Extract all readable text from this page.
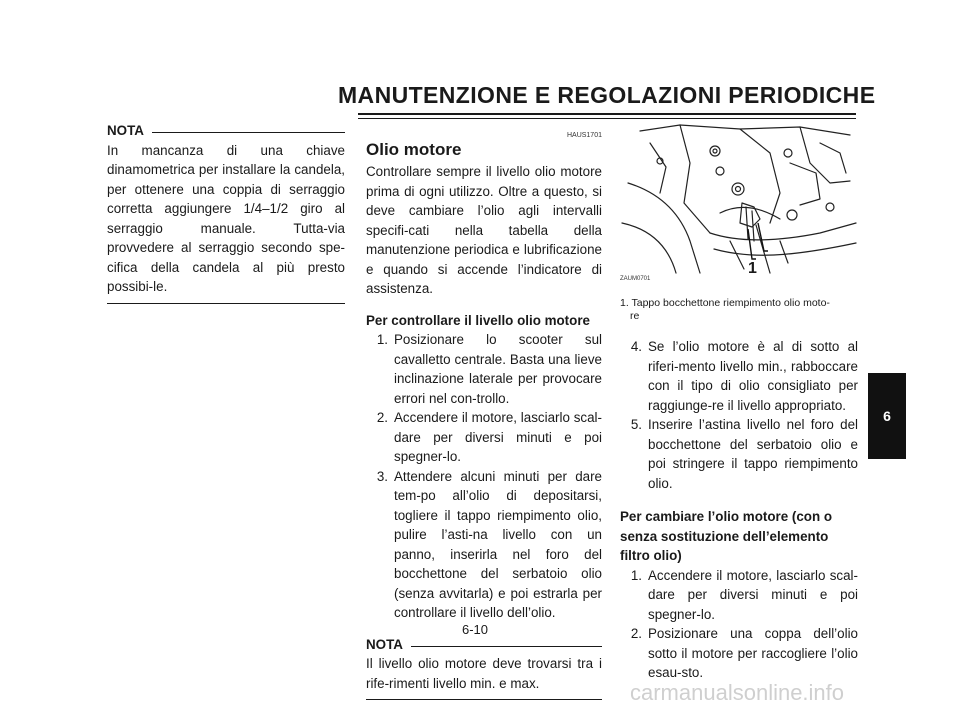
MANUTENZIONE E REGOLAZIONI PERIODICHE
NOTA

In mancanza di una chiave dinamometrica per installare la candela, per ottenere una coppia di serraggio corretta aggiungere 1/4–1/2 giro al serraggio manuale. Tutta-via provvedere al serraggio secondo spe-cifica della candela al più presto possibi-le.

HAUS1701
Olio motore

Controllare sempre il livello olio motore prima di ogni utilizzo. Oltre a questo, si deve cambiare l’olio agli intervalli specifi-cati nella tabella della manutenzione periodica e lubrificazione e quando si accende l’indicatore di assistenza.

Per controllare il livello olio motore
1. Posizionare lo scooter sul cavalletto centrale. Basta una lieve inclinazione laterale per provocare errori nel con-trollo.
2. Accendere il motore, lasciarlo scal-dare per diversi minuti e poi spegner-lo.
3. Attendere alcuni minuti per dare tem-po all’olio di depositarsi, togliere il tappo riempimento olio, pulire l’asti-na livello con un panno, inserirla nel foro del bocchettone del serbatoio olio (senza avvitarla) e poi estrarla per controllare il livello dell’olio.
NOTA

Il livello olio motore deve trovarsi tra i rife-rimenti livello min. e max.

ZAUM0701
1
1. Tappo bocchettone riempimento olio moto-
re
4. Se l’olio motore è al di sotto al riferi-mento livello min., rabboccare con il tipo di olio consigliato per raggiunge-re il livello appropriato.
5. Inserire l’astina livello nel foro del bocchettone del serbatoio olio e poi stringere il tappo riempimento olio.
Per cambiare l’olio motore (con o senza sostituzione dell’elemento filtro olio)
1. Accendere il motore, lasciarlo scal-dare per diversi minuti e poi spegner-lo.
2. Posizionare una coppa dell’olio sotto il motore per raccogliere l’olio esau-sto.
6-10
6
carmanualsonline.info
